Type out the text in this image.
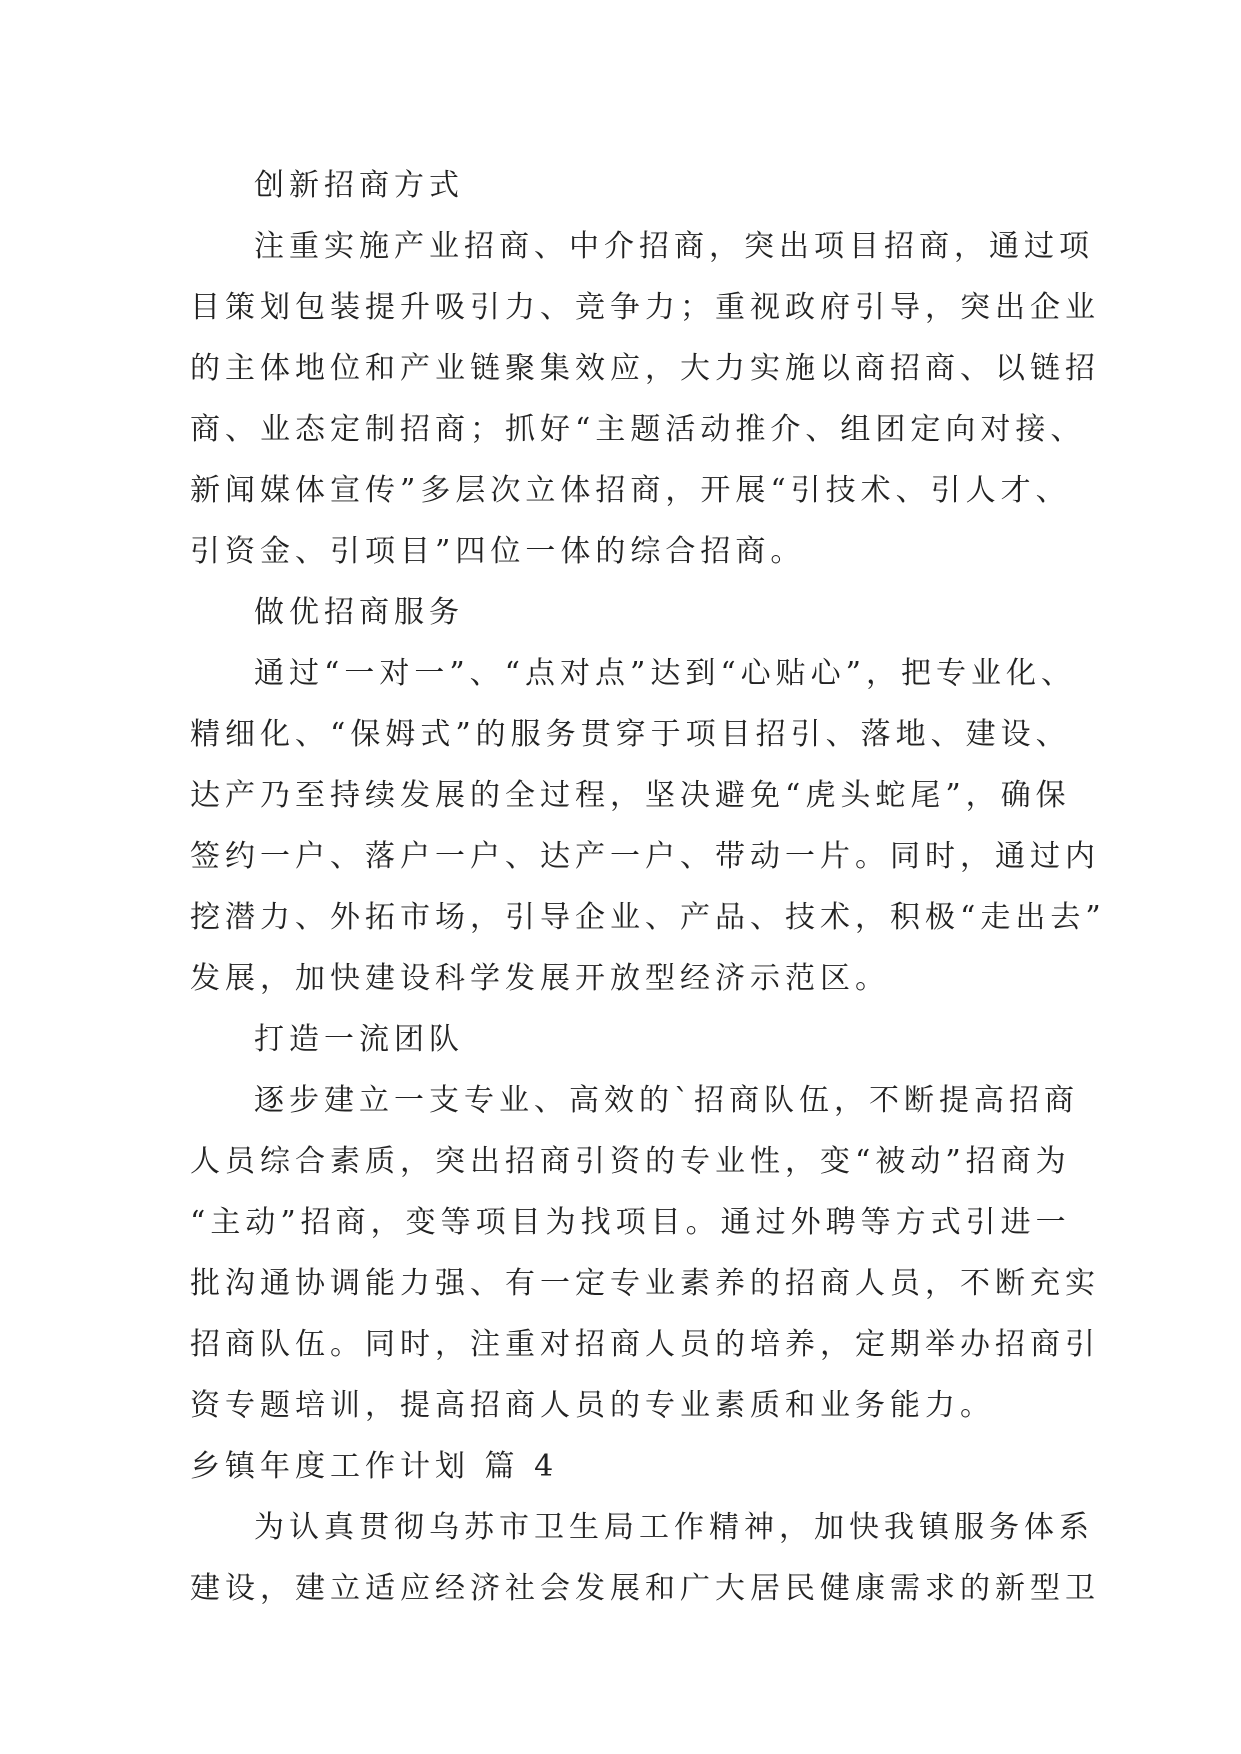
创新招商方式
注重实施产业招商、中介招商，突出项目招商，通过项
目策划包装提升吸引力、竞争力；重视政府引导，突出企业
的主体地位和产业链聚集效应，大力实施以商招商、以链招
商、业态定制招商；抓好“主题活动推介、组团定向对接、
新闻媒体宣传”多层次立体招商，开展“引技术、引人才、
引资金、引项目”四位一体的综合招商。
做优招商服务
通过“一对一”、“点对点”达到“心贴心”，把专业化、
精细化、“保姆式”的服务贯穿于项目招引、落地、建设、
达产乃至持续发展的全过程，坚决避免“虎头蛇尾”，确保
签约一户、落户一户、达产一户、带动一片。同时，通过内
挖潜力、外拓市场，引导企业、产品、技术，积极“走出去”
发展，加快建设科学发展开放型经济示范区。
打造一流团队
逐步建立一支专业、高效的`招商队伍，不断提高招商
人员综合素质，突出招商引资的专业性，变“被动”招商为
“主动”招商，变等项目为找项目。通过外聘等方式引进一
批沟通协调能力强、有一定专业素养的招商人员，不断充实
招商队伍。同时，注重对招商人员的培养，定期举办招商引
资专题培训，提高招商人员的专业素质和业务能力。
乡镇年度工作计划 篇 4
为认真贯彻乌苏市卫生局工作精神，加快我镇服务体系
建设，建立适应经济社会发展和广大居民健康需求的新型卫
